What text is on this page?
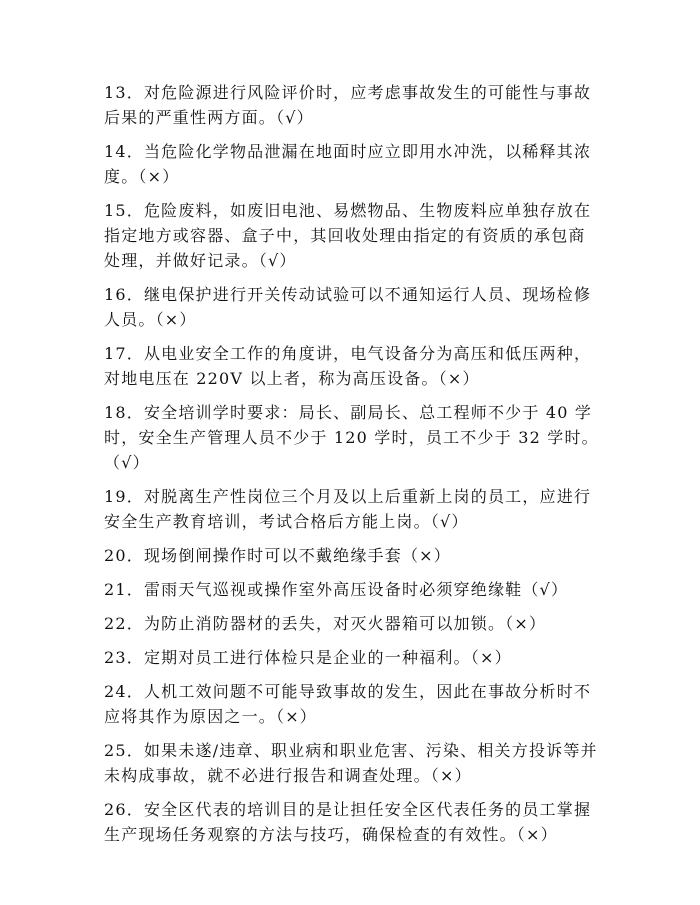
13．对危险源进行风险评价时，应考虑事故发生的可能性与事故后果的严重性两方面。（√）

14．当危险化学物品泄漏在地面时应立即用水冲洗，以稀释其浓度。（×）

15．危险废料，如废旧电池、易燃物品、生物废料应单独存放在指定地方或容器、盒子中，其回收处理由指定的有资质的承包商处理，并做好记录。（√）

16．继电保护进行开关传动试验可以不通知运行人员、现场检修人员。（×）

17．从电业安全工作的角度讲，电气设备分为高压和低压两种，对地电压在 220V 以上者，称为高压设备。（×）

18．安全培训学时要求：局长、副局长、总工程师不少于 40 学时，安全生产管理人员不少于 120 学时，员工不少于 32 学时。（√）

19．对脱离生产性岗位三个月及以上后重新上岗的员工，应进行安全生产教育培训，考试合格后方能上岗。（√）

20．现场倒闸操作时可以不戴绝缘手套（×）

21．雷雨天气巡视或操作室外高压设备时必须穿绝缘鞋（√）

22．为防止消防器材的丢失，对灭火器箱可以加锁。（×）

23．定期对员工进行体检只是企业的一种福利。（×）

24．人机工效问题不可能导致事故的发生，因此在事故分析时不应将其作为原因之一。（×）

25．如果未遂/违章、职业病和职业危害、污染、相关方投诉等并未构成事故，就不必进行报告和调查处理。（×）

26．安全区代表的培训目的是让担任安全区代表任务的员工掌握生产现场任务观察的方法与技巧，确保检查的有效性。（×）
